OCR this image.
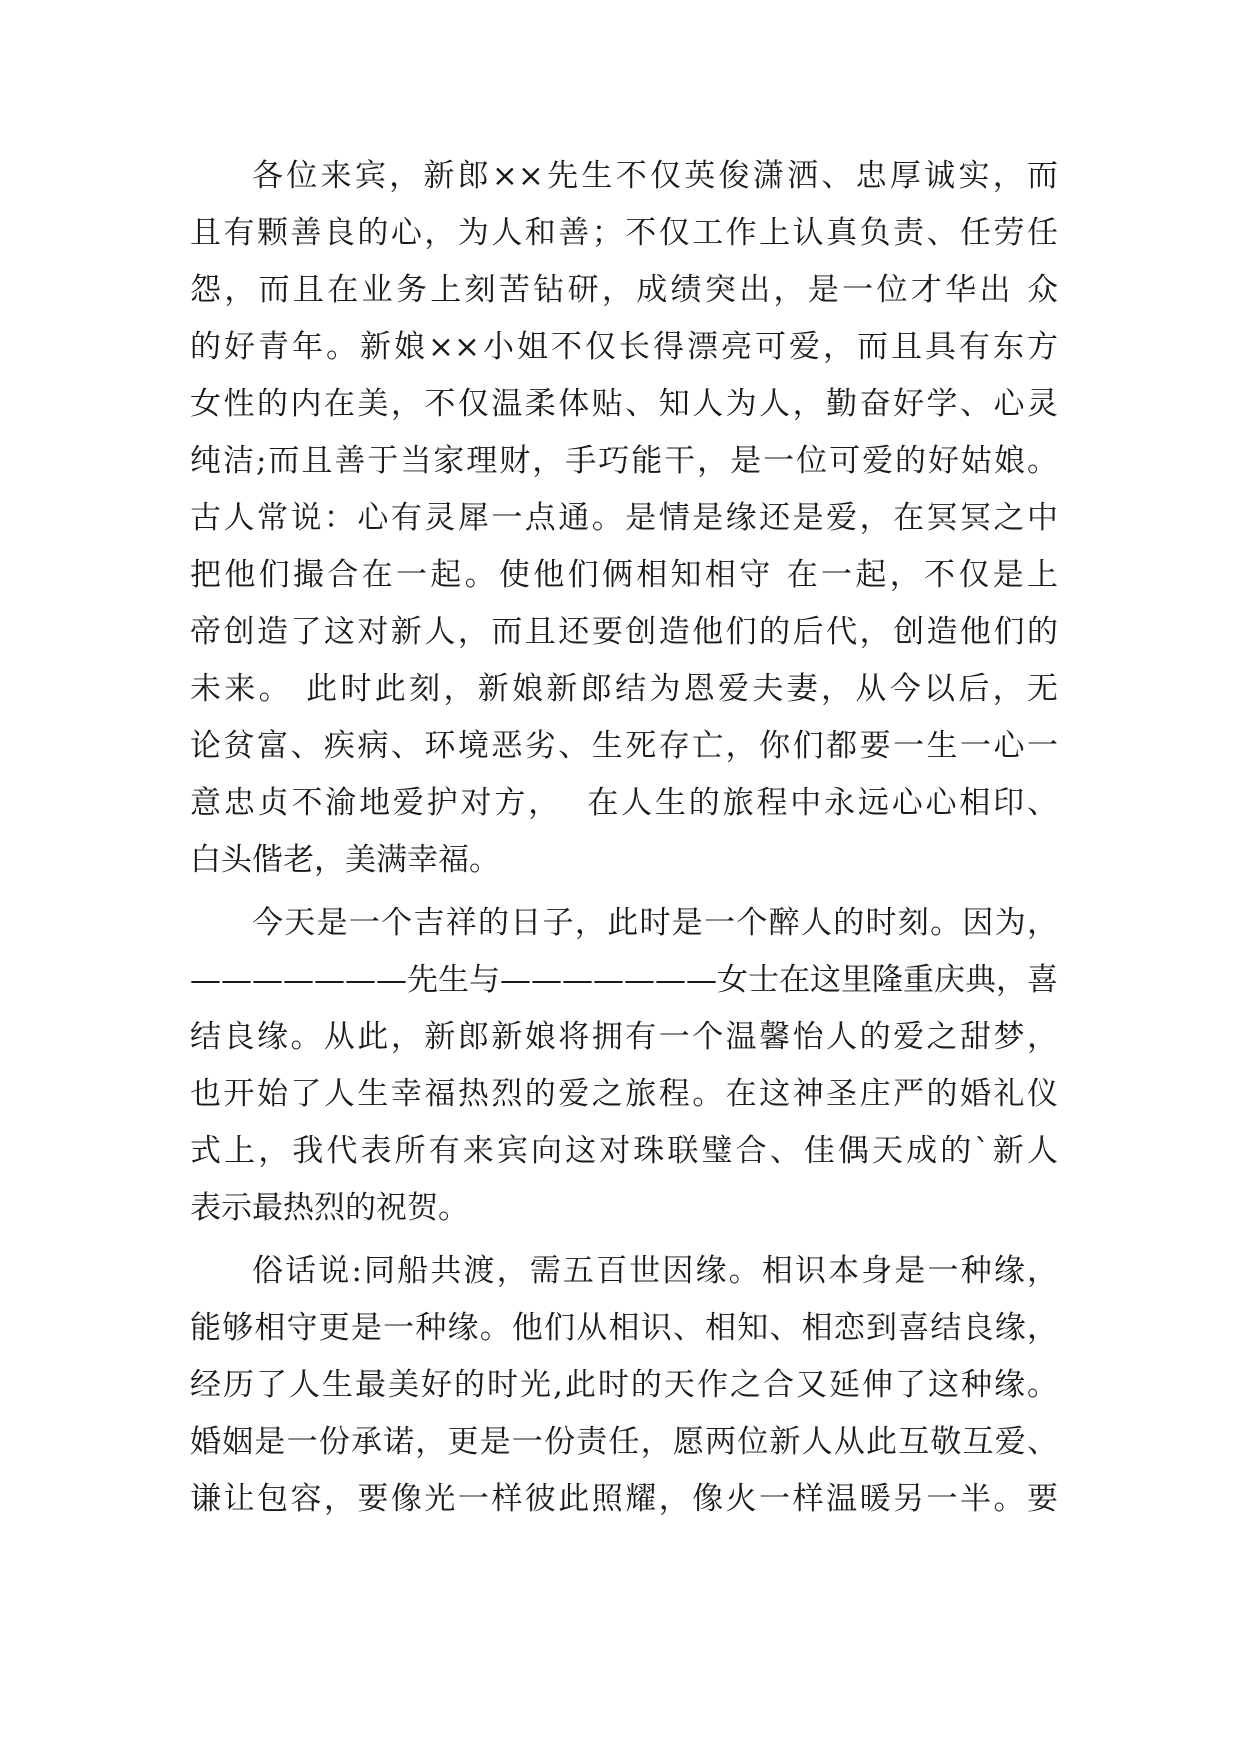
各位来宾，新郎××先生不仅英俊潇洒、忠厚诚实，而
且有颗善良的心，为人和善；不仅工作上认真负责、任劳任
怨，而且在业务上刻苦钻研，成绩突出，是一位才华出 众
的好青年。新娘××小姐不仅长得漂亮可爱，而且具有东方
女性的内在美，不仅温柔体贴、知人为人，勤奋好学、心灵
纯洁;而且善于当家理财，手巧能干，是一位可爱的好姑娘。
古人常说：心有灵犀一点通。是情是缘还是爱，在冥冥之中
把他们撮合在一起。使他们俩相知相守 在一起，不仅是上
帝创造了这对新人，而且还要创造他们的后代，创造他们的
未来。 此时此刻，新娘新郎结为恩爱夫妻，从今以后，无
论贫富、疾病、环境恶劣、生死存亡，你们都要一生一心一
意忠贞不渝地爱护对方，  在人生的旅程中永远心心相印、
白头偕老，美满幸福。
今天是一个吉祥的日子，此时是一个醉人的时刻。因为，
———————先生与———————女士在这里隆重庆典，喜
结良缘。从此，新郎新娘将拥有一个温馨怡人的爱之甜梦，
也开始了人生幸福热烈的爱之旅程。在这神圣庄严的婚礼仪
式上，我代表所有来宾向这对珠联璧合、佳偶天成的`新人
表示最热烈的祝贺。
俗话说:同船共渡，需五百世因缘。相识本身是一种缘，
能够相守更是一种缘。他们从相识、相知、相恋到喜结良缘，
经历了人生最美好的时光,此时的天作之合又延伸了这种缘。
婚姻是一份承诺，更是一份责任，愿两位新人从此互敬互爱、
谦让包容，要像光一样彼此照耀，像火一样温暖另一半。要
